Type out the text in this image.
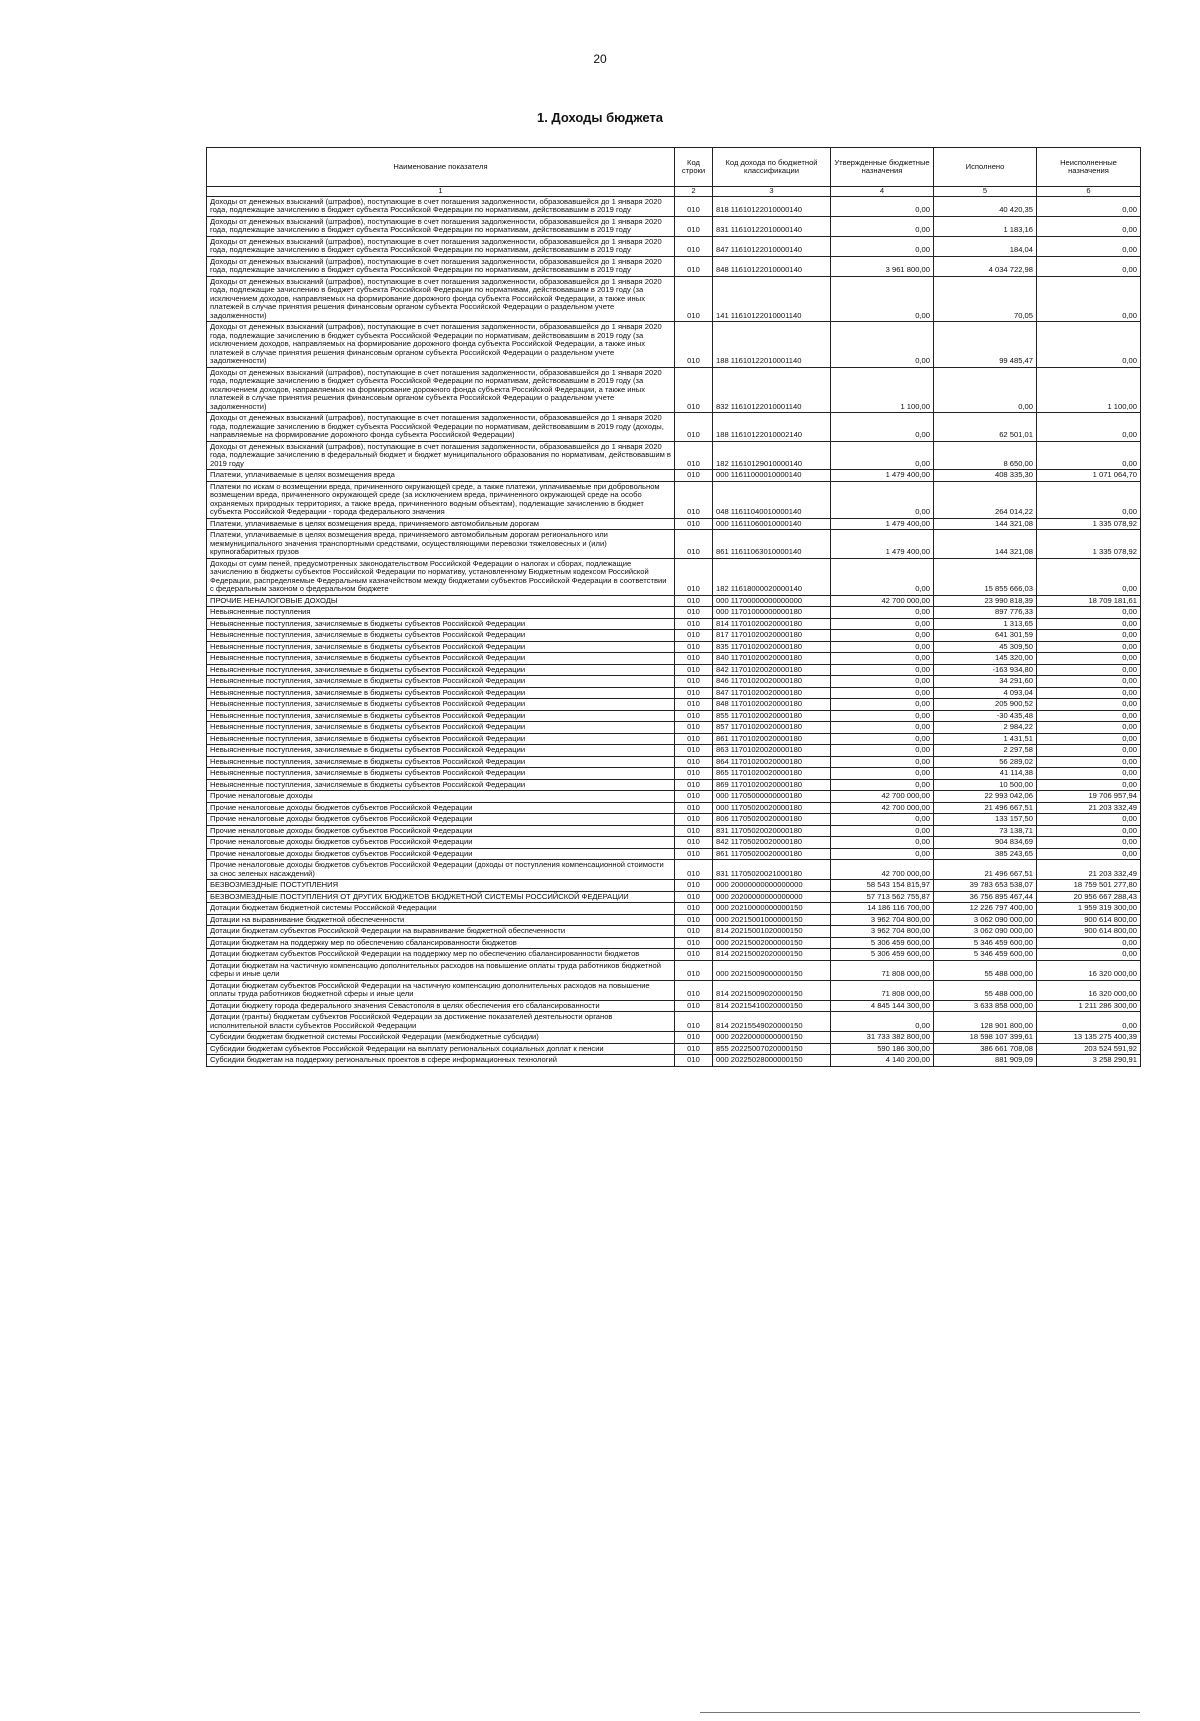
20
1. Доходы бюджета
Наименование показателя	Код строки	Код дохода по бюджетной классификации	Утвержденные бюджетные назначения	Исполнено	Неисполненные назначения
1	2	3	4	5	6
Доходы от денежных взысканий (штрафов), поступающие в счет погашения задолженности, образовавшейся до 1 января 2020 года, подлежащие зачислению в бюджет субъекта Российской Федерации по нормативам, действовавшим в 2019 году	010	818 11610122010000140	0,00	40 420,35	0,00
Доходы от денежных взысканий (штрафов), поступающие в счет погашения задолженности, образовавшейся до 1 января 2020 года, подлежащие зачислению в бюджет субъекта Российской Федерации по нормативам, действовавшим в 2019 году	010	831 11610122010000140	0,00	1 183,16	0,00
Доходы от денежных взысканий (штрафов), поступающие в счет погашения задолженности, образовавшейся до 1 января 2020 года, подлежащие зачислению в бюджет субъекта Российской Федерации по нормативам, действовавшим в 2019 году	010	847 11610122010000140	0,00	184,04	0,00
Доходы от денежных взысканий (штрафов), поступающие в счет погашения задолженности, образовавшейся до 1 января 2020 года, подлежащие зачислению в бюджет субъекта Российской Федерации по нормативам, действовавшим в 2019 году	010	848 11610122010000140	3 961 800,00	4 034 722,98	0,00
Доходы от денежных взысканий (штрафов), поступающие в счет погашения задолженности, образовавшейся до 1 января 2020 года, подлежащие зачислению в бюджет субъекта Российской Федерации по нормативам, действовавшим в 2019 году (за исключением доходов, направляемых на формирование дорожного фонда субъекта Российской Федерации, а также иных платежей в случае принятия решения финансовым органом субъекта Российской Федерации о раздельном учете задолженности)	010	141 11610122010001140	0,00	70,05	0,00
Доходы от денежных взысканий (штрафов), поступающие в счет погашения задолженности, образовавшейся до 1 января 2020 года, подлежащие зачислению в бюджет субъекта Российской Федерации по нормативам, действовавшим в 2019 году (за исключением доходов, направляемых на формирование дорожного фонда субъекта Российской Федерации, а также иных платежей в случае принятия решения финансовым органом субъекта Российской Федерации о раздельном учете задолженности)	010	188 11610122010001140	0,00	99 485,47	0,00
Доходы от денежных взысканий (штрафов), поступающие в счет погашения задолженности, образовавшейся до 1 января 2020 года, подлежащие зачислению в бюджет субъекта Российской Федерации по нормативам, действовавшим в 2019 году (за исключением доходов, направляемых на формирование дорожного фонда субъекта Российской Федерации, а также иных платежей в случае принятия решения финансовым органом субъекта Российской Федерации о раздельном учете задолженности)	010	832 11610122010001140	1 100,00	0,00	1 100,00
Доходы от денежных взысканий (штрафов), поступающие в счет погашения задолженности, образовавшейся до 1 января 2020 года, подлежащие зачислению в бюджет субъекта Российской Федерации по нормативам, действовавшим в 2019 году (доходы, направляемые на формирование дорожного фонда субъекта Российской Федерации)	010	188 11610122010002140	0,00	62 501,01	0,00
Доходы от денежных взысканий (штрафов), поступающие в счет погашения задолженности, образовавшейся до 1 января 2020 года, подлежащие зачислению в федеральный бюджет и бюджет муниципального образования по нормативам, действовавшим в 2019 году	010	182 11610129010000140	0,00	8 650,00	0,00
Платежи, уплачиваемые в целях возмещения вреда	010	000 11611000010000140	1 479 400,00	408 335,30	1 071 064,70
Платежи по искам о возмещении вреда, причиненного окружающей среде, а также платежи, уплачиваемые при добровольном возмещении вреда, причиненного окружающей среде (за исключением вреда, причиненного окружающей среде на особо охраняемых природных территориях, а также вреда, причиненного водным объектам), подлежащие зачислению в бюджет субъекта Российской Федерации - города федерального значения	010	048 11611040010000140	0,00	264 014,22	0,00
Платежи, уплачиваемые в целях возмещения вреда, причиняемого автомобильным дорогам	010	000 11611060010000140	1 479 400,00	144 321,08	1 335 078,92
Платежи, уплачиваемые в целях возмещения вреда, причиняемого автомобильным дорогам регионального или межмуниципального значения транспортными средствами, осуществляющими перевозки тяжеловесных и (или) крупногабаритных грузов	010	861 11611063010000140	1 479 400,00	144 321,08	1 335 078,92
Доходы от сумм пеней, предусмотренных законодательством Российской Федерации о налогах и сборах, подлежащие зачислению в бюджеты субъектов Российской Федерации по нормативу, установленному Бюджетным кодексом Российской Федерации, распределяемые Федеральным казначейством между бюджетами субъектов Российской Федерации в соответствии с федеральным законом о федеральном бюджете	010	182 11618000020000140	0,00	15 855 666,03	0,00
ПРОЧИЕ НЕНАЛОГОВЫЕ ДОХОДЫ	010	000 11700000000000000	42 700 000,00	23 990 818,39	18 709 181,61
Невыясненные поступления	010	000 11701000000000180	0,00	897 776,33	0,00
Невыясненные поступления, зачисляемые в бюджеты субъектов Российской Федерации	010	814 11701020020000180	0,00	1 313,65	0,00
Невыясненные поступления, зачисляемые в бюджеты субъектов Российской Федерации	010	817 11701020020000180	0,00	641 301,59	0,00
Невыясненные поступления, зачисляемые в бюджеты субъектов Российской Федерации	010	835 11701020020000180	0,00	45 309,50	0,00
Невыясненные поступления, зачисляемые в бюджеты субъектов Российской Федерации	010	840 11701020020000180	0,00	145 320,00	0,00
Невыясненные поступления, зачисляемые в бюджеты субъектов Российской Федерации	010	842 11701020020000180	0,00	-163 934,80	0,00
Невыясненные поступления, зачисляемые в бюджеты субъектов Российской Федерации	010	846 11701020020000180	0,00	34 291,60	0,00
Невыясненные поступления, зачисляемые в бюджеты субъектов Российской Федерации	010	847 11701020020000180	0,00	4 093,04	0,00
Невыясненные поступления, зачисляемые в бюджеты субъектов Российской Федерации	010	848 11701020020000180	0,00	205 900,52	0,00
Невыясненные поступления, зачисляемые в бюджеты субъектов Российской Федерации	010	855 11701020020000180	0,00	-30 435,48	0,00
Невыясненные поступления, зачисляемые в бюджеты субъектов Российской Федерации	010	857 11701020020000180	0,00	2 984,22	0,00
Невыясненные поступления, зачисляемые в бюджеты субъектов Российской Федерации	010	861 11701020020000180	0,00	1 431,51	0,00
Невыясненные поступления, зачисляемые в бюджеты субъектов Российской Федерации	010	863 11701020020000180	0,00	2 297,58	0,00
Невыясненные поступления, зачисляемые в бюджеты субъектов Российской Федерации	010	864 11701020020000180	0,00	56 289,02	0,00
Невыясненные поступления, зачисляемые в бюджеты субъектов Российской Федерации	010	865 11701020020000180	0,00	41 114,38	0,00
Невыясненные поступления, зачисляемые в бюджеты субъектов Российской Федерации	010	869 11701020020000180	0,00	10 500,00	0,00
Прочие неналоговые доходы	010	000 11705000000000180	42 700 000,00	22 993 042,06	19 706 957,94
Прочие неналоговые доходы бюджетов субъектов Российской Федерации	010	000 11705020020000180	42 700 000,00	21 496 667,51	21 203 332,49
Прочие неналоговые доходы бюджетов субъектов Российской Федерации	010	806 11705020020000180	0,00	133 157,50	0,00
Прочие неналоговые доходы бюджетов субъектов Российской Федерации	010	831 11705020020000180	0,00	73 138,71	0,00
Прочие неналоговые доходы бюджетов субъектов Российской Федерации	010	842 11705020020000180	0,00	904 834,69	0,00
Прочие неналоговые доходы бюджетов субъектов Российской Федерации	010	861 11705020020000180	0,00	385 243,65	0,00
Прочие неналоговые доходы бюджетов субъектов Российской Федерации (доходы от поступления компенсационной стоимости за снос зеленых насаждений)	010	831 11705020021000180	42 700 000,00	21 496 667,51	21 203 332,49
БЕЗВОЗМЕЗДНЫЕ ПОСТУПЛЕНИЯ	010	000 20000000000000000	58 543 154 815,97	39 783 653 538,07	18 759 501 277,80
БЕЗВОЗМЕЗДНЫЕ ПОСТУПЛЕНИЯ ОТ ДРУГИХ БЮДЖЕТОВ БЮДЖЕТНОЙ СИСТЕМЫ РОССИЙСКОЙ ФЕДЕРАЦИИ	010	000 20200000000000000	57 713 562 755,87	36 756 895 467,44	20 956 667 288,43
Дотации бюджетам бюджетной системы Российской Федерации	010	000 20210000000000150	14 186 116 700,00	12 226 797 400,00	1 959 319 300,00
Дотации на выравнивание бюджетной обеспеченности	010	000 20215001000000150	3 962 704 800,00	3 062 090 000,00	900 614 800,00
Дотации бюджетам субъектов Российской Федерации на выравнивание бюджетной обеспеченности	010	814 20215001020000150	3 962 704 800,00	3 062 090 000,00	900 614 800,00
Дотации бюджетам на поддержку мер по обеспечению сбалансированности бюджетов	010	000 20215002000000150	5 306 459 600,00	5 346 459 600,00	0,00
Дотации бюджетам субъектов Российской Федерации на поддержку мер по обеспечению сбалансированности бюджетов	010	814 20215002020000150	5 306 459 600,00	5 346 459 600,00	0,00
Дотации бюджетам на частичную компенсацию дополнительных расходов на повышение оплаты труда работников бюджетной сферы и иные цели	010	000 20215009000000150	71 808 000,00	55 488 000,00	16 320 000,00
Дотации бюджетам субъектов Российской Федерации на частичную компенсацию дополнительных расходов на повышение оплаты труда работников бюджетной сферы и иные цели	010	814 20215009020000150	71 808 000,00	55 488 000,00	16 320 000,00
Дотации бюджету города федерального значения Севастополя в целях обеспечения его сбалансированности	010	814 20215410020000150	4 845 144 300,00	3 633 858 000,00	1 211 286 300,00
Дотации (гранты) бюджетам субъектов Российской Федерации за достижение показателей деятельности органов исполнительной власти субъектов Российской Федерации	010	814 20215549020000150	0,00	128 901 800,00	0,00
Субсидии бюджетам бюджетной системы Российской Федерации (межбюджетные субсидии)	010	000 20220000000000150	31 733 382 800,00	18 598 107 399,61	13 135 275 400,39
Субсидии бюджетам субъектов Российской Федерации на выплату региональных социальных доплат к пенсии	010	855 20225007020000150	590 186 300,00	386 661 708,08	203 524 591,92
Субсидии бюджетам на поддержку региональных проектов в сфере информационных технологий	010	000 20225028000000150	4 140 200,00	881 909,09	3 258 290,91
